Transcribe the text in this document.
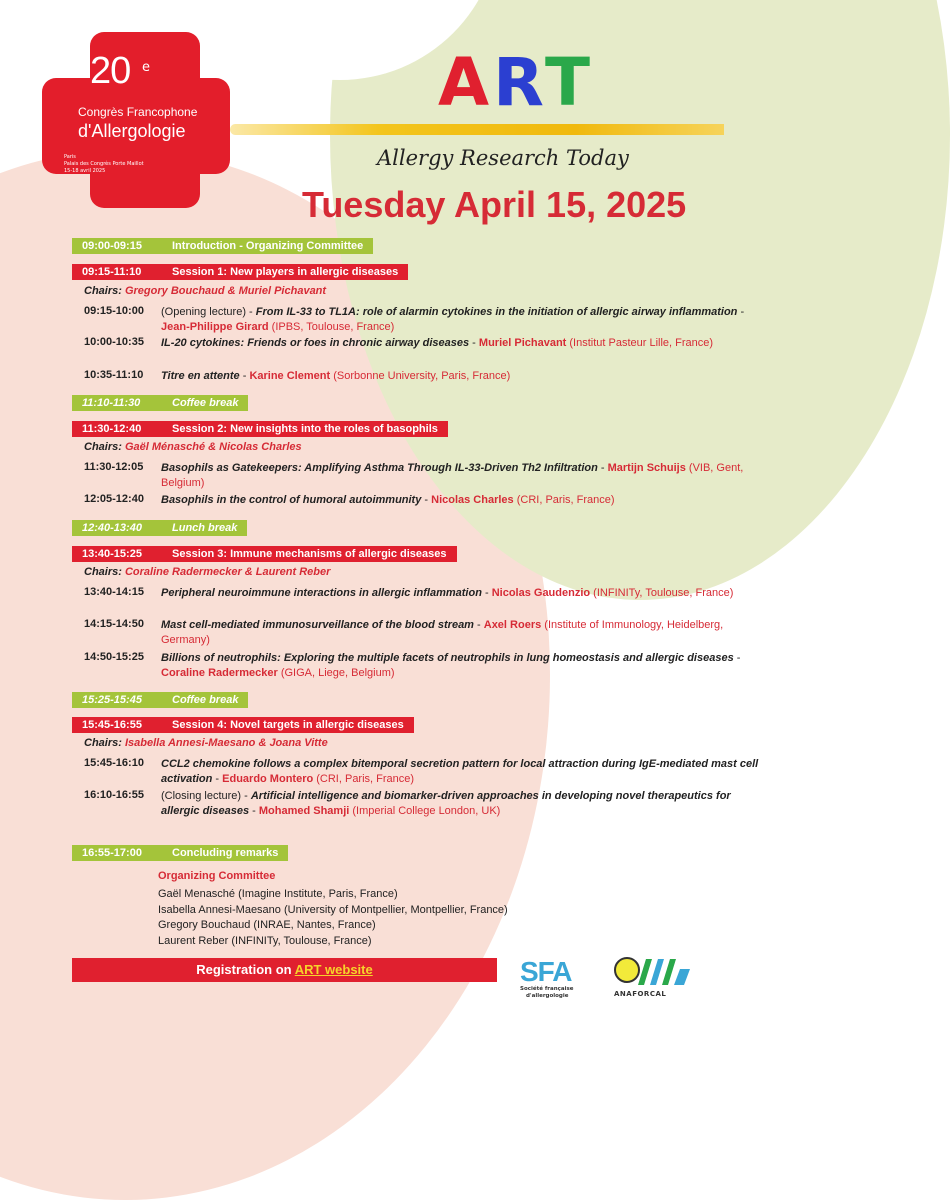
20 e
Congrès Francophone
d'Allergologie
Paris
Palais des Congrès Porte Maillot
15-18 avril 2025
ART
Allergy Research Today
Tuesday April 15, 2025
09:00-09:15	Introduction - Organizing Committee
09:15-11:10	Session 1: New players in allergic diseases
Chairs: Gregory Bouchaud & Muriel Pichavant
09:15-10:00	(Opening lecture) - From IL-33 to TL1A: role of alarmin cytokines in the initiation of allergic airway inflammation - Jean-Philippe Girard (IPBS, Toulouse, France)
10:00-10:35	IL-20 cytokines: Friends or foes in chronic airway diseases - Muriel Pichavant (Institut Pasteur Lille, France)
10:35-11:10	Titre en attente - Karine Clement (Sorbonne University, Paris, France)
11:10-11:30	Coffee break
11:30-12:40	Session 2: New insights into the roles of basophils
Chairs: Gaël Ménasché & Nicolas Charles
11:30-12:05	Basophils as Gatekeepers: Amplifying Asthma Through IL-33-Driven Th2 Infiltration - Martijn Schuijs (VIB, Gent, Belgium)
12:05-12:40	Basophils in the control of humoral autoimmunity - Nicolas Charles (CRI, Paris, France)
12:40-13:40	Lunch break
13:40-15:25	Session 3: Immune mechanisms of allergic diseases
Chairs: Coraline Radermecker & Laurent Reber
13:40-14:15	Peripheral neuroimmune interactions in allergic inflammation - Nicolas Gaudenzio (INFINITy, Toulouse, France)
14:15-14:50	Mast cell-mediated immunosurveillance of the blood stream - Axel Roers (Institute of Immunology, Heidelberg, Germany)
14:50-15:25	Billions of neutrophils: Exploring the multiple facets of neutrophils in lung homeostasis and allergic diseases - Coraline Radermecker (GIGA, Liege, Belgium)
15:25-15:45	Coffee break
15:45-16:55	Session 4: Novel targets in allergic diseases
Chairs: Isabella Annesi-Maesano & Joana Vitte
15:45-16:10	CCL2 chemokine follows a complex bitemporal secretion pattern for local attraction during IgE-mediated mast cell activation - Eduardo Montero (CRI, Paris, France)
16:10-16:55	(Closing lecture) - Artificial intelligence and biomarker-driven approaches in developing novel therapeutics for allergic diseases - Mohamed Shamji (Imperial College London, UK)
16:55-17:00	Concluding remarks
Organizing Committee
Gaël Menasché (Imagine Institute, Paris, France)
Isabella Annesi-Maesano (University of Montpellier, Montpellier, France)
Gregory Bouchaud (INRAE, Nantes, France)
Laurent Reber (INFINITy, Toulouse, France)
Registration on ART website	SFA
Société française
d'allergologie	ANAFORCAL
